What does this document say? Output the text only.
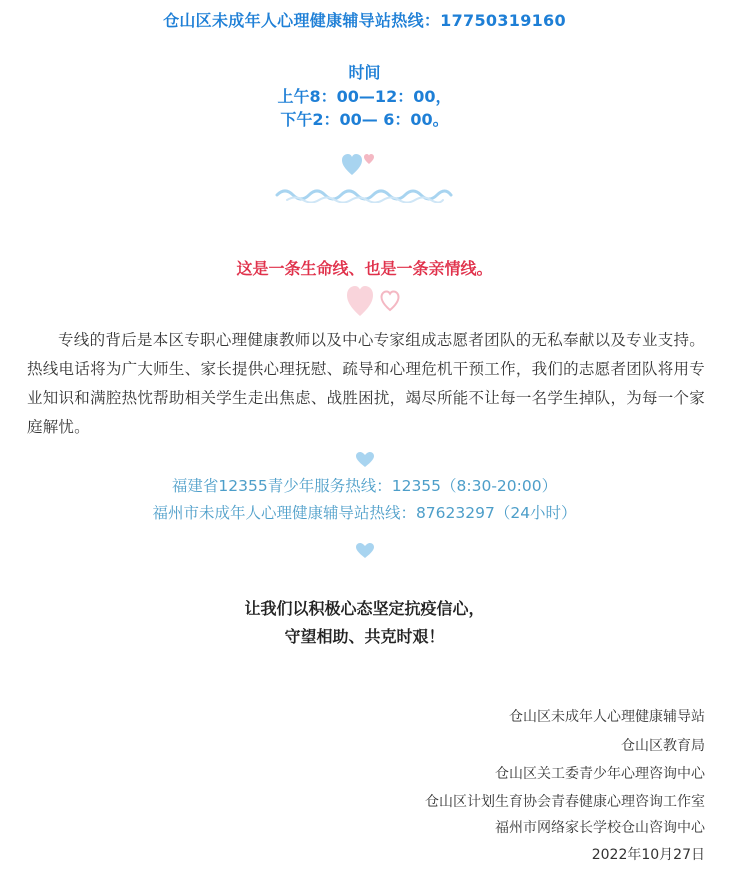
仓山区未成年人心理健康辅导站热线：17750319160
时间
上午8：00—12：00，
下午2：00— 6：00。
这是一条生命线、也是一条亲情线。
专线的背后是本区专职心理健康教师以及中心专家组成志愿者团队的无私奉献以及专业支持。热线电话将为广大师生、家长提供心理抚慰、疏导和心理危机干预工作，我们的志愿者团队将用专业知识和满腔热忱帮助相关学生走出焦虑、战胜困扰，竭尽所能不让每一名学生掉队，为每一个家庭解忧。
福建省12355青少年服务热线：12355（8:30-20:00）
福州市未成年人心理健康辅导站热线：87623297（24小时）
让我们以积极心态坚定抗疫信心，
守望相助、共克时艰！
仓山区未成年人心理健康辅导站
仓山区教育局
仓山区关工委青少年心理咨询中心
仓山区计划生育协会青春健康心理咨询工作室
福州市网络家长学校仓山咨询中心
2022年10月27日
